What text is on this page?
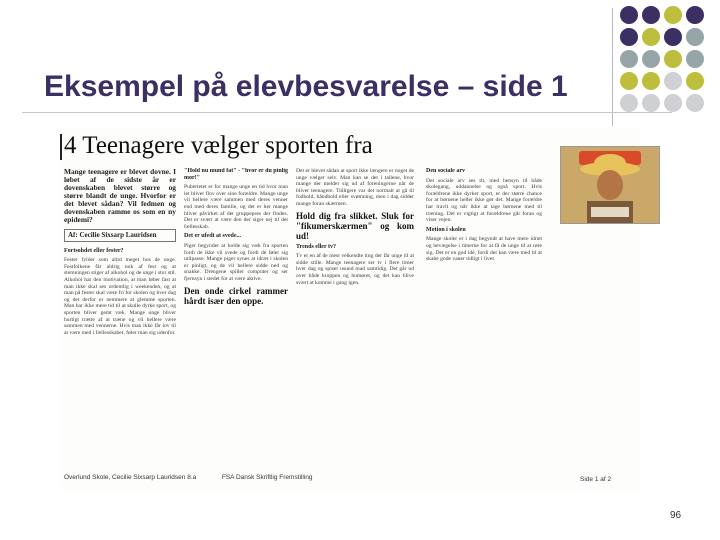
Eksempel på elevbesvarelse – side 1
4 Teenagere vælger sporten fra

Mange teenagere er blevet dovne. I løbet af de sidste år er dovenskaben blevet større og større blandt de unge. Hvorfor er det blevet sådan? Vil fedmen og dovenskaben ramme os som en ny epidemi?

Af: Cecilie Sixsarp Lauridsen

Fortsohdet eller fester?

Fester fylder som altid meget hos de unge. Festfolkene får aldrig nok af fest og at stemningen stiger af alkohol og de unge i stor stil. Alkohol har den motivation, at man løber fast at man ikke skal ses ordentlig i weekenden, og at man på fester skal være fri for skolen og hver dag og det derfor er nemmere at glemme sporten. Man har ikke mere tid til at skulle dyrke sport, og sporten bliver gemt væk. Mange unge bliver hurtigt trætte af at træne og vil hellere være sammen med vennerne. Hvis man ikke får lov til at være med i fællesskabet, føler man sig udenfor.

"Hold nu mund fat" - "hvor er du pinlig mor!"

Pubertetet er for mange unge en tid hvor man let bliver flov over sine forældre. Mange unge vil hellere være sammen med deres venner end med deres familie, og det er her mange bliver påvirket af det gruppepres der findes. Det er svært at være den der siger nej til det fællesskab.

Det er ufedt at svede...

Piger begynder at holde sig væk fra sporten fordi de ikke vil svede og fordi de føler sig utilpasse. Mange piger synes at idræt i skolen er pinligt, og de vil hellere sidde ned og snakke. Drengene spiller computer og ser fjernsyn i stedet for at være aktive.

Den onde cirkel rammer hårdt især den oppe.

Det er blevet sådan at sport ikke længere er noget de unge vælger selv. Man kan se det i tallene, hvor mange der melder sig ud af foreningerne når de bliver teenagere. Tidligere var det normalt at gå til fodbold, håndbold eller svømning, men i dag sidder mange foran skærmen.

Hold dig fra slikket. Sluk for "fikumerskærmen" og kom ud!

Trends eller tv?

Tv er en af de mest velkendte ting der får unge til at sidde stille. Mange teenagere ser tv i flere timer hver dag og spiser usund mad samtidig. Det går ud over både kroppen og humøret, og det kan blive svært at komme i gang igen.

Den sociale arv

Det sociale arv ses tit, med hensyn til både skolegang, uddannelse og også sport. Hvis forældrene ikke dyrker sport, er der større chance for at børnene heller ikke gør det. Mange forældre har travlt og når ikke at tage børnene med til træning. Det er vigtigt at forældrene går foran og viser vejen.

Motion i skolen

Mange skoler er i dag begyndt at have mere idræt og bevægelse i timerne for at få de unge til at røre sig. Det er en god idé, fordi det kan være med til at skabe gode vaner tidligt i livet.

Overlund Skole, Cecilie Sixsarp Lauridsen 8.a	FSA Dansk Skriftlig Fremstilling	Side 1 af 2
96
